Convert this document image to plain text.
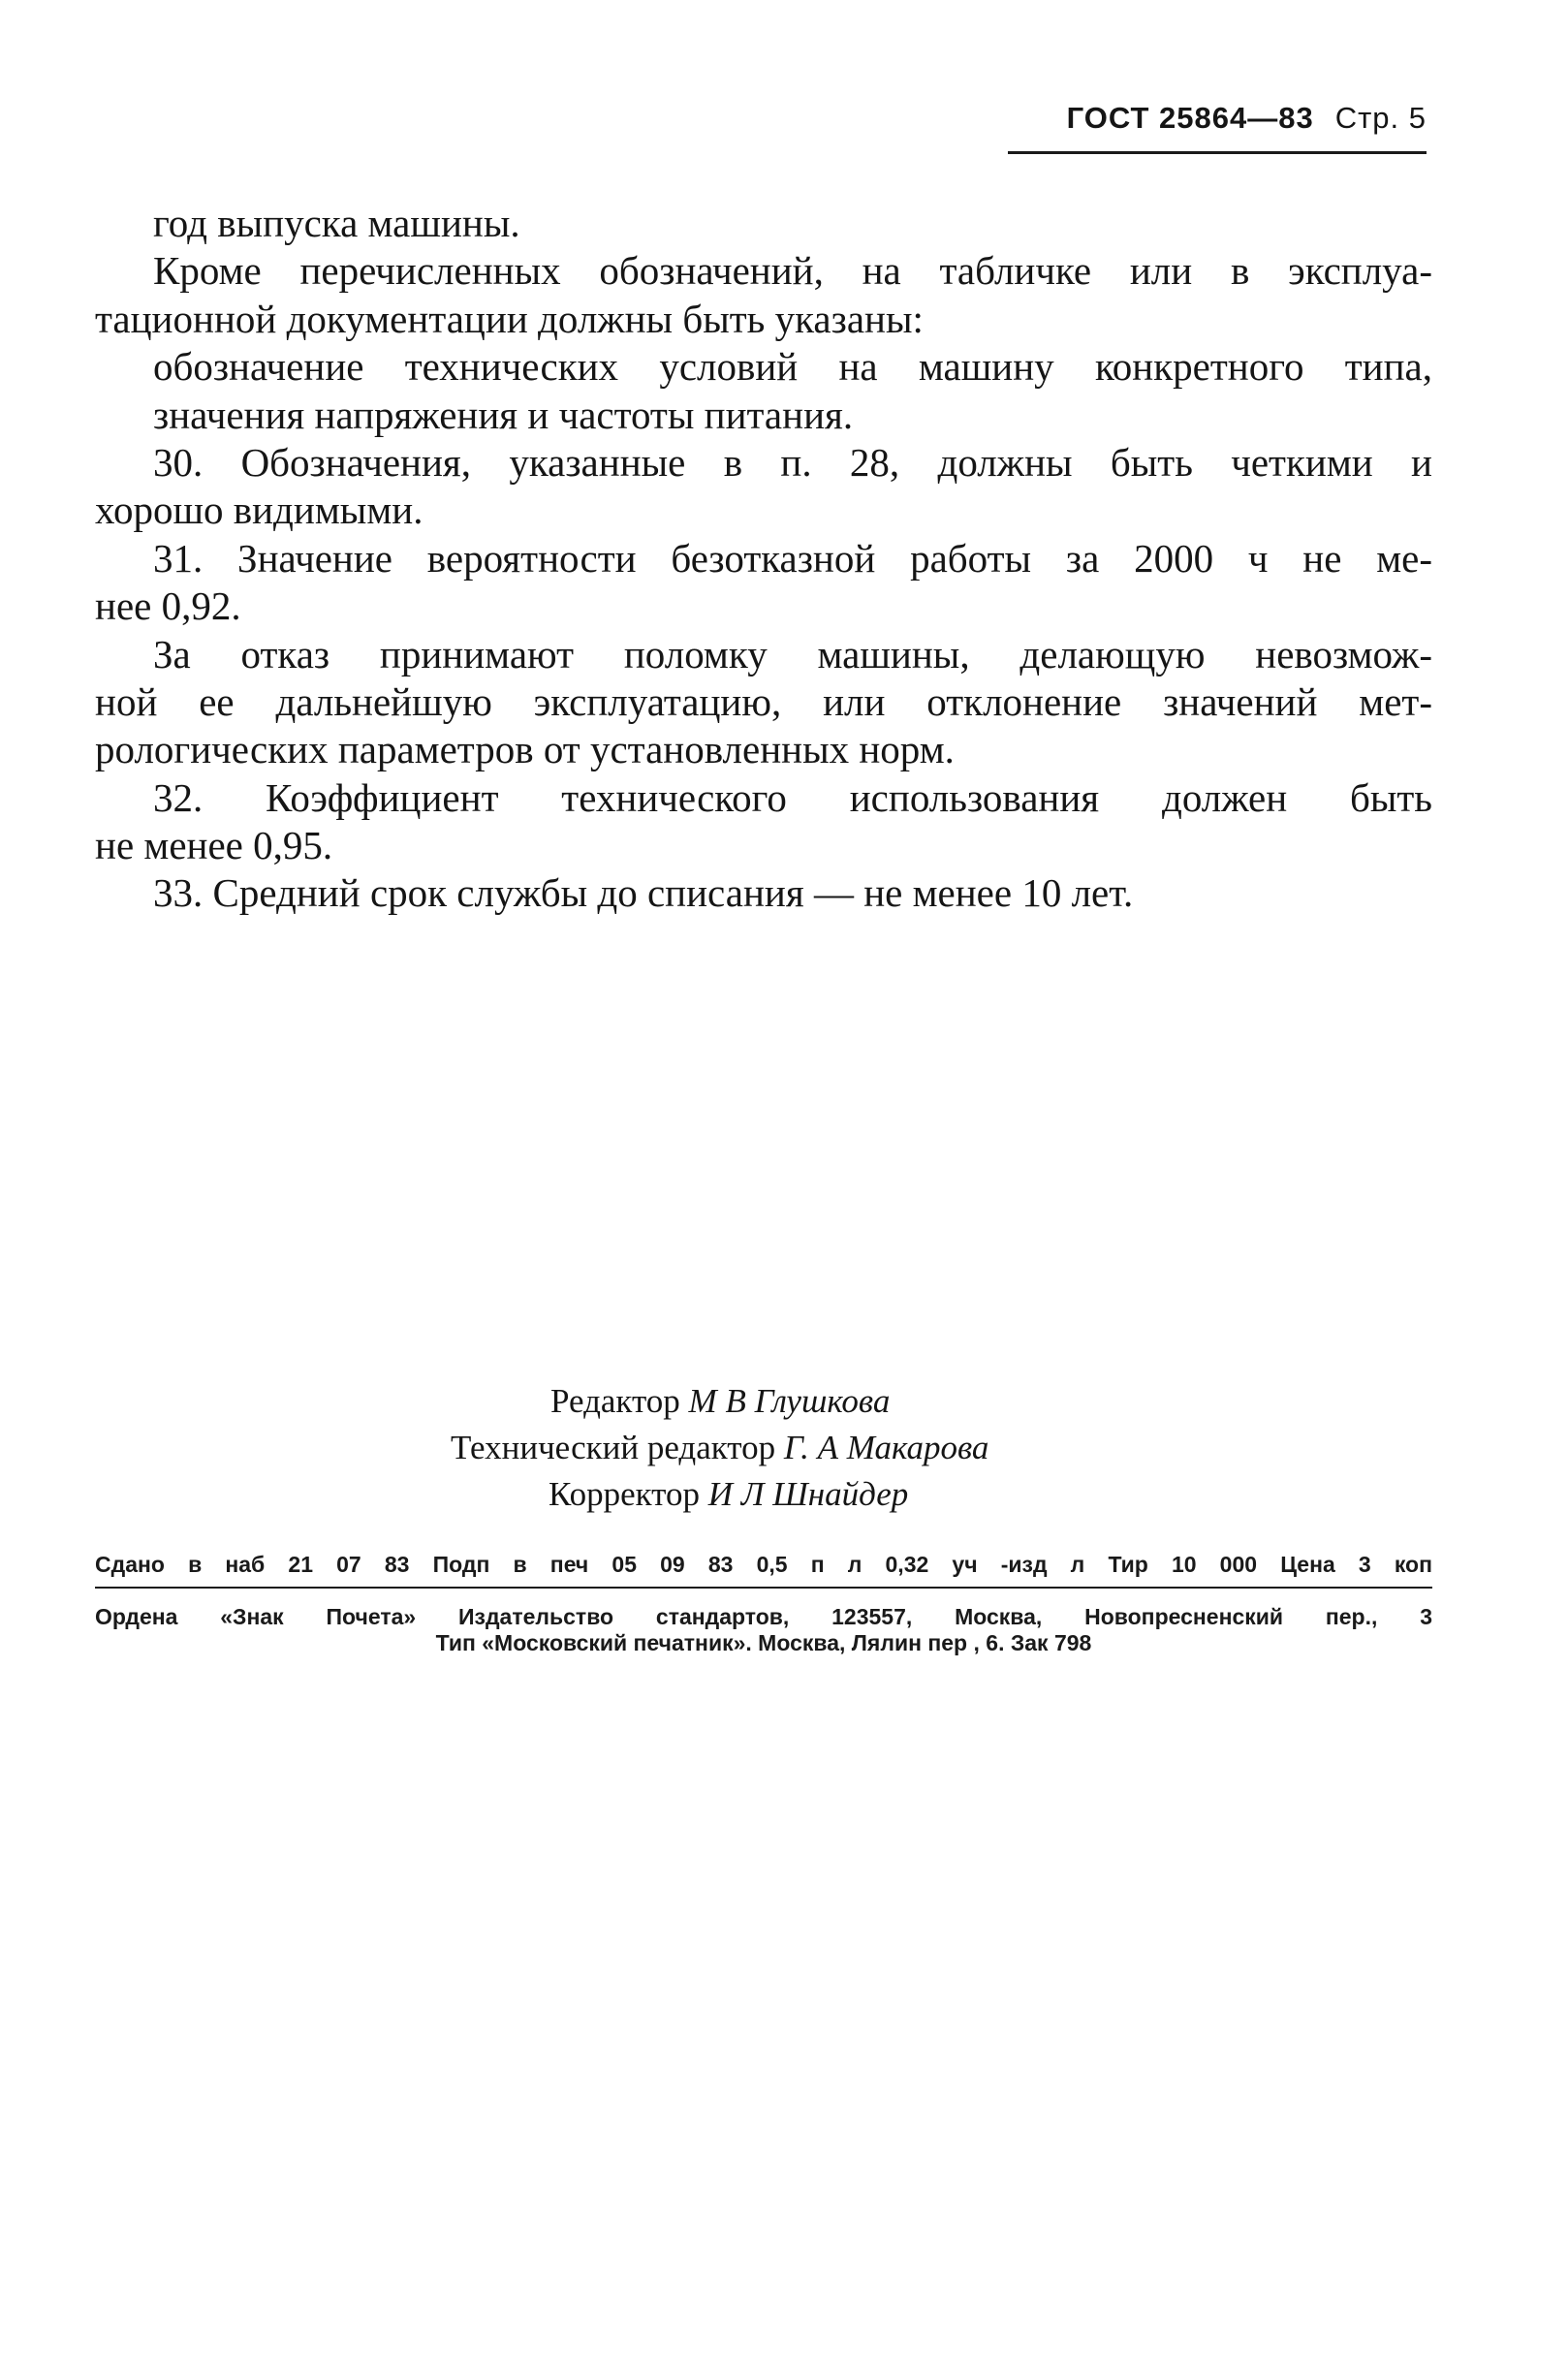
ГОСТ 25864—83 Стр. 5
год выпуска машины.
Кроме перечисленных обозначений, на табличке или в эксплуа-
тационной документации должны быть указаны:
обозначение технических условий на машину конкретного типа,
значения напряжения и частоты питания.
30. Обозначения, указанные в п. 28, должны быть четкими и
хорошо видимыми.
31. Значение вероятности безотказной работы за 2000 ч не ме-
нее 0,92.
За отказ принимают поломку машины, делающую невозмож-
ной ее дальнейшую эксплуатацию, или отклонение значений мет-
рологических параметров от установленных норм.
32. Коэффициент технического использования должен быть
не менее 0,95.
33. Средний срок службы до списания — не менее 10 лет.
Редактор М В Глушкова
Технический редактор Г. А Макарова
Корректор И Л Шнайдер
Сдано в наб 21 07 83 Подп в печ 05 09 83 0,5 п л 0,32 уч -изд л Тир 10 000 Цена 3 коп
Ордена «Знак Почета» Издательство стандартов, 123557, Москва, Новопресненский пер., 3
Тип «Московский печатник». Москва, Лялин пер , 6. Зак 798
